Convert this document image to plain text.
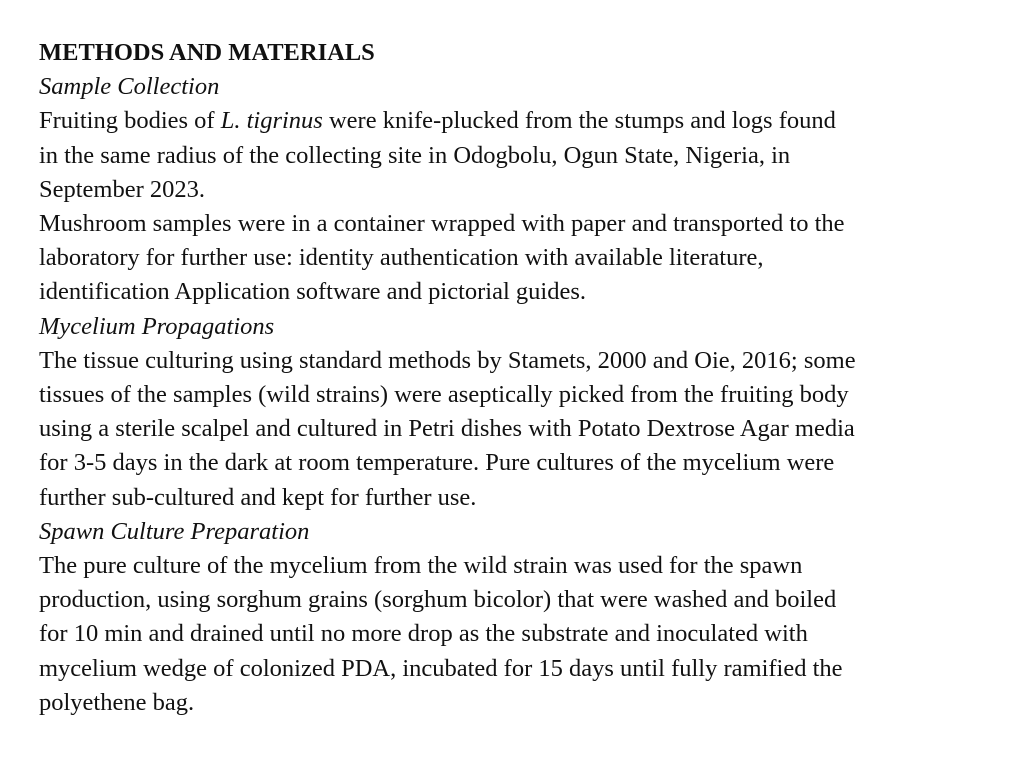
METHODS AND MATERIALS

Sample Collection

Fruiting bodies of L. tigrinus were knife-plucked from the stumps and logs found

in the same radius of the collecting site in Odogbolu, Ogun State, Nigeria, in

September 2023.

Mushroom samples were in a container wrapped with paper and transported to the

laboratory for further use: identity authentication with available literature,

identification Application software and pictorial guides.

Mycelium Propagations

The tissue culturing using standard methods by Stamets, 2000 and Oie, 2016; some

tissues of the samples (wild strains) were aseptically picked from the fruiting body

using a sterile scalpel and cultured in Petri dishes with Potato Dextrose Agar media

for 3-5 days in the dark at room temperature. Pure cultures of the mycelium were

further sub-cultured and kept for further use.

Spawn Culture Preparation

The pure culture of the mycelium from the wild strain was used for the spawn

production, using sorghum grains (sorghum bicolor) that were washed and boiled

for 10 min and drained until no more drop as the substrate and inoculated with

mycelium wedge of colonized PDA, incubated for 15 days until fully ramified the

polyethene bag.
